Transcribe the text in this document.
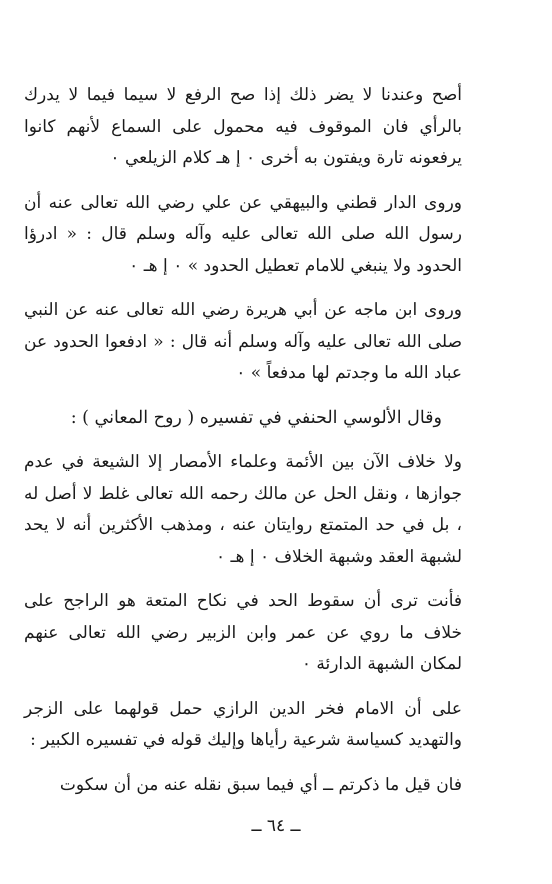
أصح وعندنا لا يضر ذلك إذا صح الرفع لا سيما فيما لا يدرك بالرأي فان الموقوف فيه محمول على السماع لأنهم كانوا يرفعونه تارة ويفتون به أخرى ٠ إ هـ كلام الزيلعي ٠

وروى الدار قطني والبيهقي عن علي رضي الله تعالى عنه أن رسول الله صلى الله تعالى عليه وآله وسلم قال : « ادرؤا الحدود ولا ينبغي للامام تعطيل الحدود » ٠ إ هـ ٠

وروى ابن ماجه عن أبي هريرة رضي الله تعالى عنه عن النبي صلى الله تعالى عليه وآله وسلم أنه قال : « ادفعوا الحدود عن عباد الله ما وجدتم لها مدفعاً » ٠

وقال الألوسي الحنفي في تفسيره ( روح المعاني ) :

ولا خلاف الآن بين الأئمة وعلماء الأمصار إلا الشيعة في عدم جوازها ، ونقل الحل عن مالك رحمه الله تعالى غلط لا أصل له ، بل في حد المتمتع روايتان عنه ، ومذهب الأكثرين أنه لا يحد لشبهة العقد وشبهة الخلاف ٠ إ هـ ٠

فأنت ترى أن سقوط الحد في نكاح المتعة هو الراجح على خلاف ما روي عن عمر وابن الزبير رضي الله تعالى عنهم لمكان الشبهة الدارئة ٠

على أن الامام فخر الدين الرازي حمل قولهما على الزجر والتهديد كسياسة شرعية رأياها وإليك قوله في تفسيره الكبير :

فان قيل ما ذكرتم ــ أي فيما سبق نقله عنه من أن سكوت

ــ ٦٤ ــ
